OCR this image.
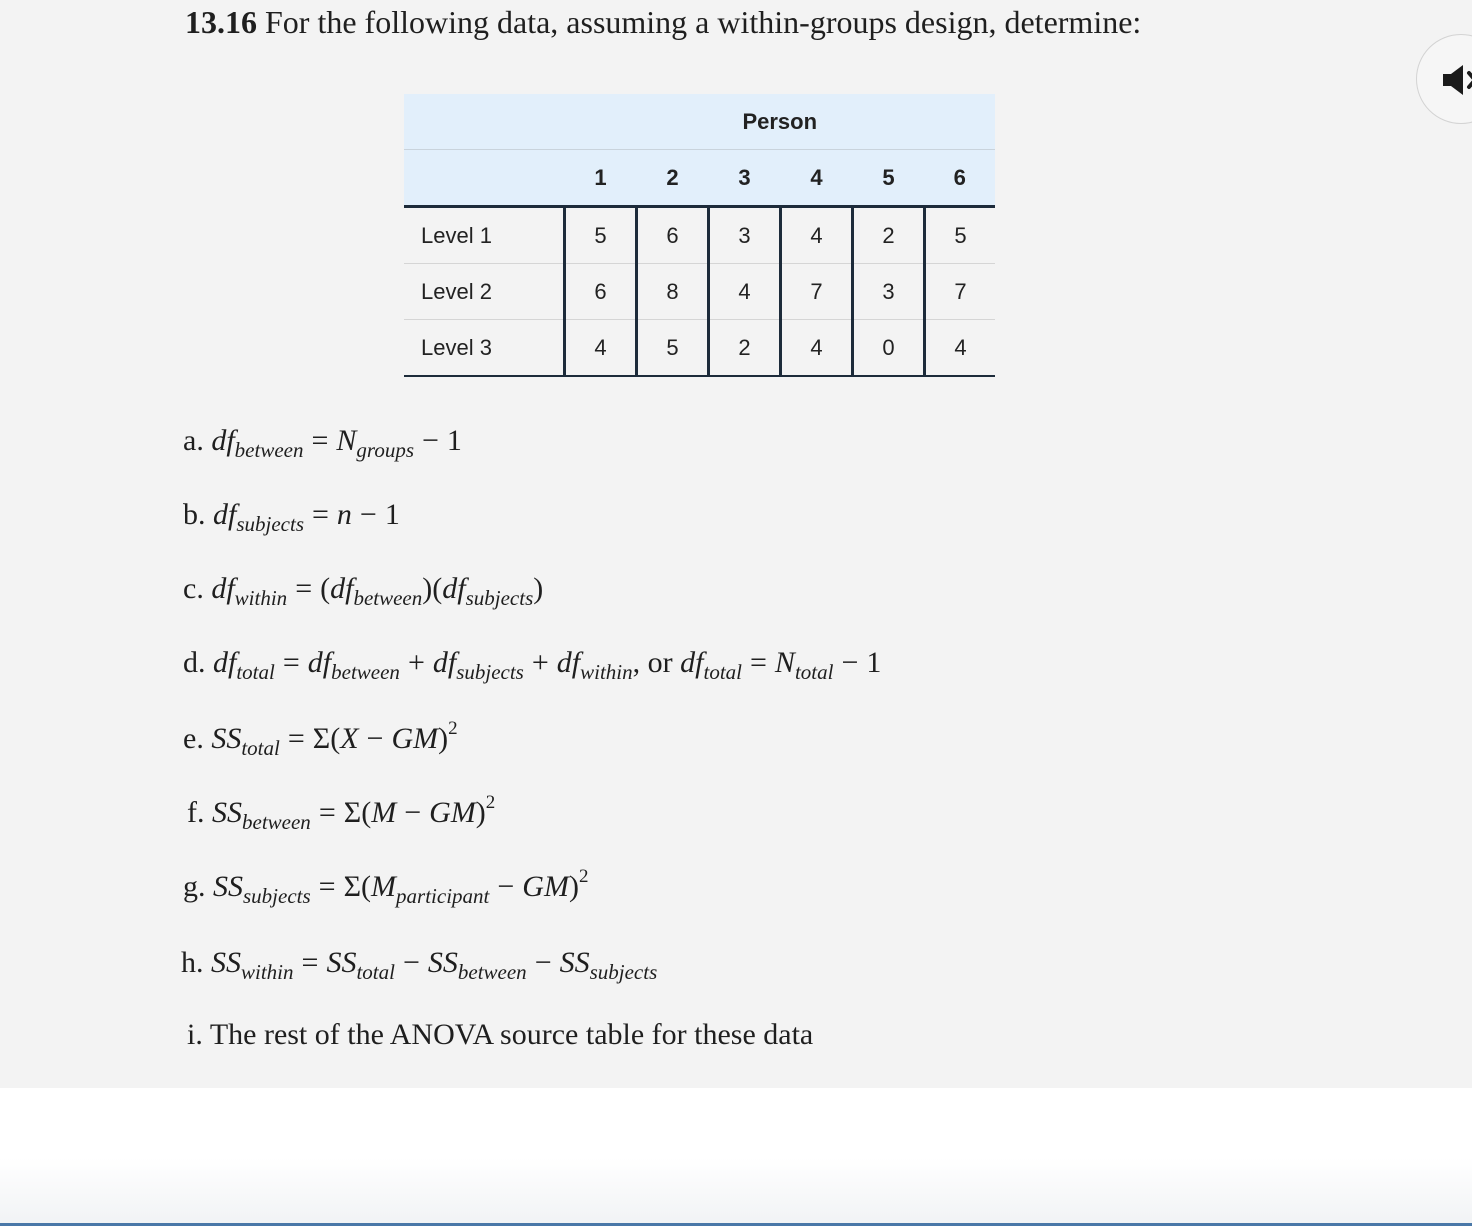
13.16 For the following data, assuming a within-groups design, determine:
	Person					
	1	2	3	4	5	6
Level 1	5	6	3	4	2	5
Level 2	6	8	4	7	3	7
Level 3	4	5	2	4	0	4
a. $df_{between} = N_{groups} - 1$
b. $df_{subjects} = n - 1$
c. $df_{within} = (df_{between})(df_{subjects})$
d. $df_{total} = df_{between} + df_{subjects} + df_{within}$, or $df_{total} = N_{total} - 1$
e. $SS_{total} = \Sigma(X - GM)^2$
f. $SS_{between} = \Sigma(M - GM)^2$
g. $SS_{subjects} = \Sigma(M_{participant} - GM)^2$
h. $SS_{within} = SS_{total} - SS_{between} - SS_{subjects}$
i. The rest of the ANOVA source table for these data
